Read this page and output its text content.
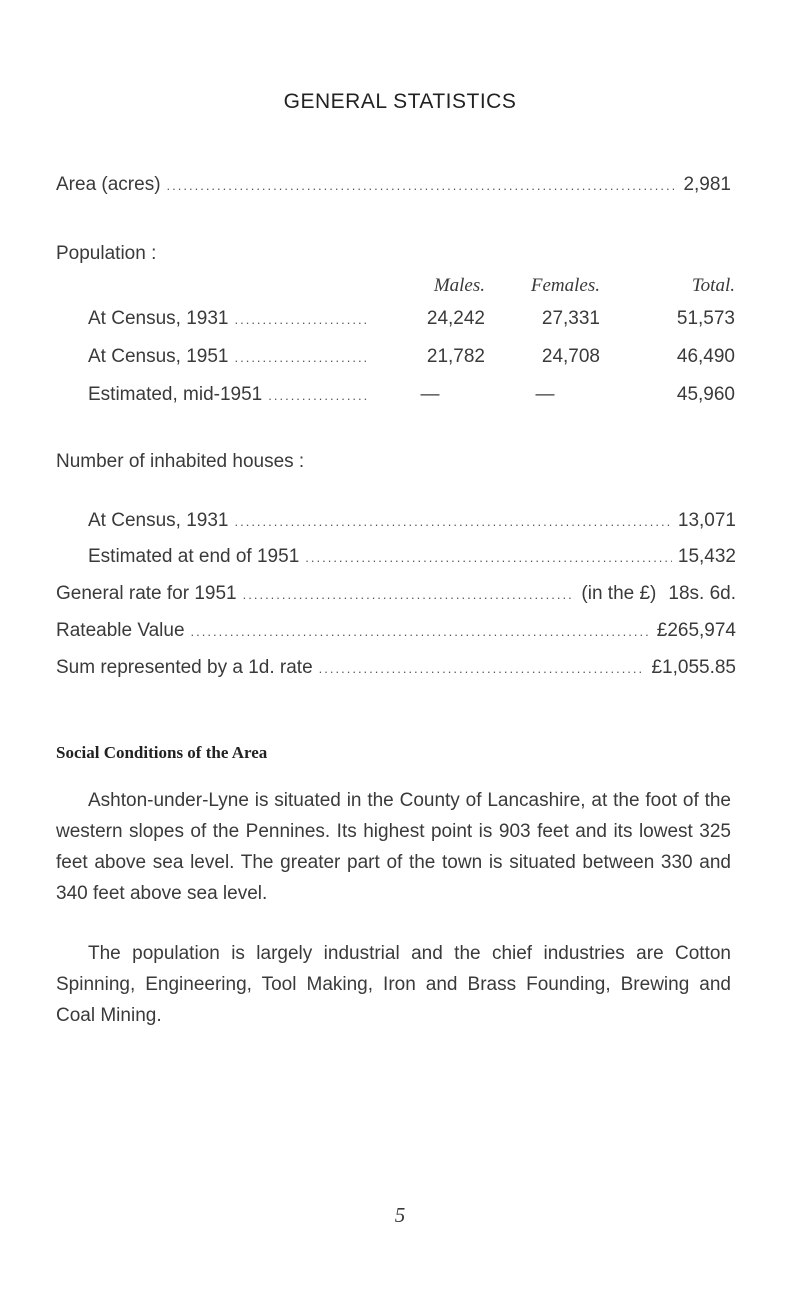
GENERAL STATISTICS
Area (acres) .....	2,981
Population :
Males.	Females.	Total.
At Census, 1931 .....	24,242	27,331	51,573
At Census, 1951 .....	21,782	24,708	46,490
Estimated, mid-1951 .....	—	—	45,960
Number of inhabited houses :
At Census, 1931 .....	13,071
Estimated at end of 1951 .....	15,432
General rate for 1951 .....	(in the £) 18s. 6d.
Rateable Value .....	£265,974
Sum represented by a 1d. rate .....	£1,055.85
Social Conditions of the Area

Ashton-under-Lyne is situated in the County of Lancashire, at the foot of the western slopes of the Pennines. Its highest point is 903 feet and its lowest 325 feet above sea level. The greater part of the town is situated between 330 and 340 feet above sea level.

The population is largely industrial and the chief industries are Cotton Spinning, Engineering, Tool Making, Iron and Brass Founding, Brewing and Coal Mining.

5
